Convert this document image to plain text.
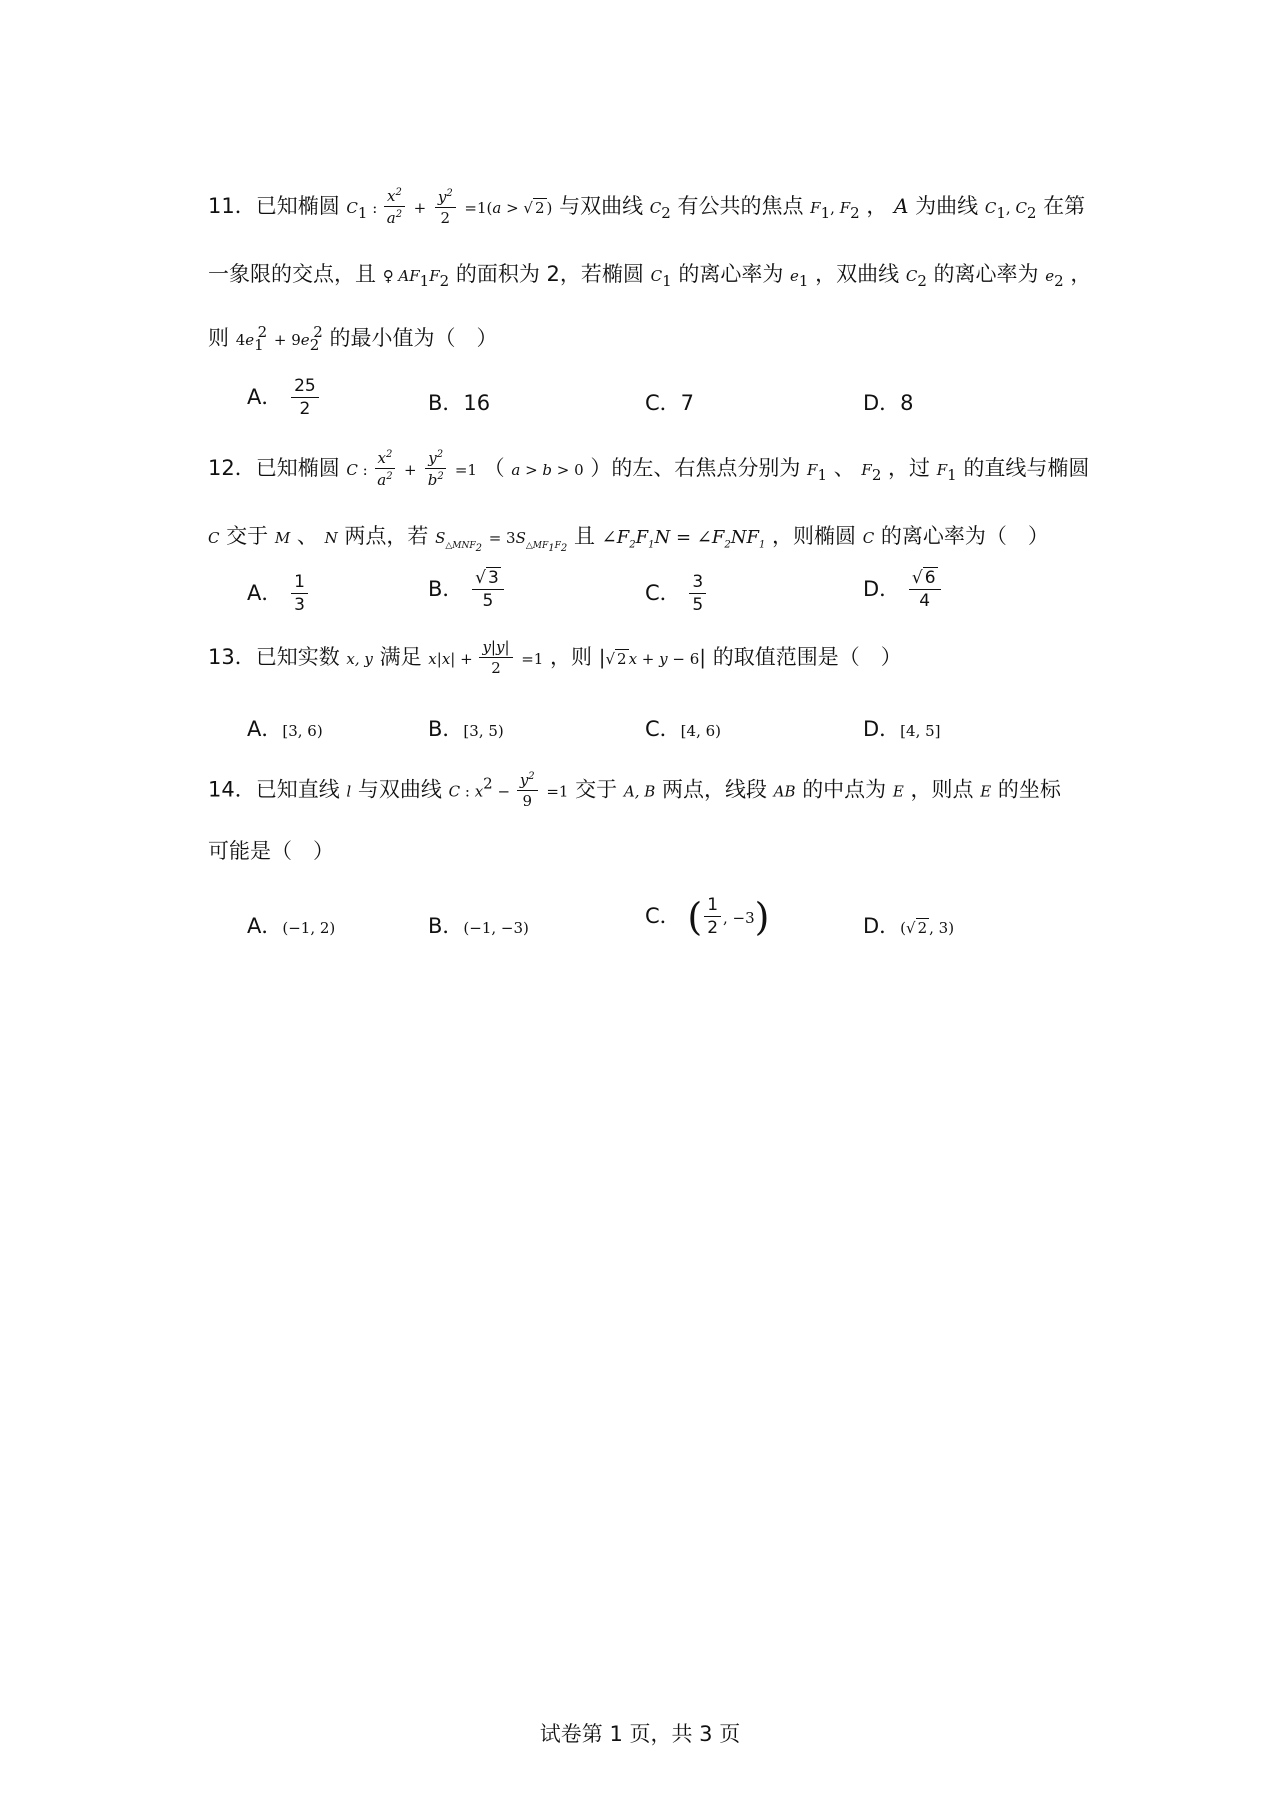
11．已知椭圆 $C_1$ : $\frac{x^2}{a^2} + \frac{y^2}{2} =1(a$ > √ 2 ) 与双曲线 $C_2$ 有公共的焦点 $F_1$, $F_2$ ， A 为曲线 $C_1$, $C_2$ 在第
一象限的交点，且 ♀ $AF_1F_2$ 的面积为 2，若椭圆 $C_1$ 的离心率为 $e_1$ ，双曲线 $C_2$ 的离心率为 $e_2$ ，
则 $4e_1^2 + 9e_2^2$ 的最小值为（　）
A． $\frac{25}{2}$	B．16	C．7	D．8
12．已知椭圆 C : $\frac{x^2}{a^2} + \frac{y^2}{b^2} =1$ （ a > b > 0 ）的左、右焦点分别为 $F_1$ 、 $F_2$ ，过 $F_1$ 的直线与椭圆
C 交于 M 、 N 两点，若 $S_{\triangle MNF_2} = 3S_{\triangle MF_1F_2}$ 且 $\angle F_2F_1N$ = $\angle F_2NF_1$ ，则椭圆 C 的离心率为（　）
A． $\frac{1}{3}$	B． $\frac{√ 3}{5}$	C． $\frac{3}{5}$	D． $\frac{√ 6}{4}$
13．已知实数 x, y 满足 $x|x| + \frac{y|y|}{2} =1$ ，则 |√ 2 x + y − 6| 的取值范围是（　）
A．[3, 6)	B．[3, 5)	C．[4, 6)	D．[4, 5]
14．已知直线 l 与双曲线 C : $x^2 - \frac{y^2}{9} =1$ 交于 A, B 两点，线段 AB 的中点为 E ，则点 E 的坐标
可能是（　）
A．(−1, 2)	B．(−1, −3)	C． ( $\frac{1}{2}$ , −3)	D．(√ 2 , 3)
试卷第 1 页，共 3 页
